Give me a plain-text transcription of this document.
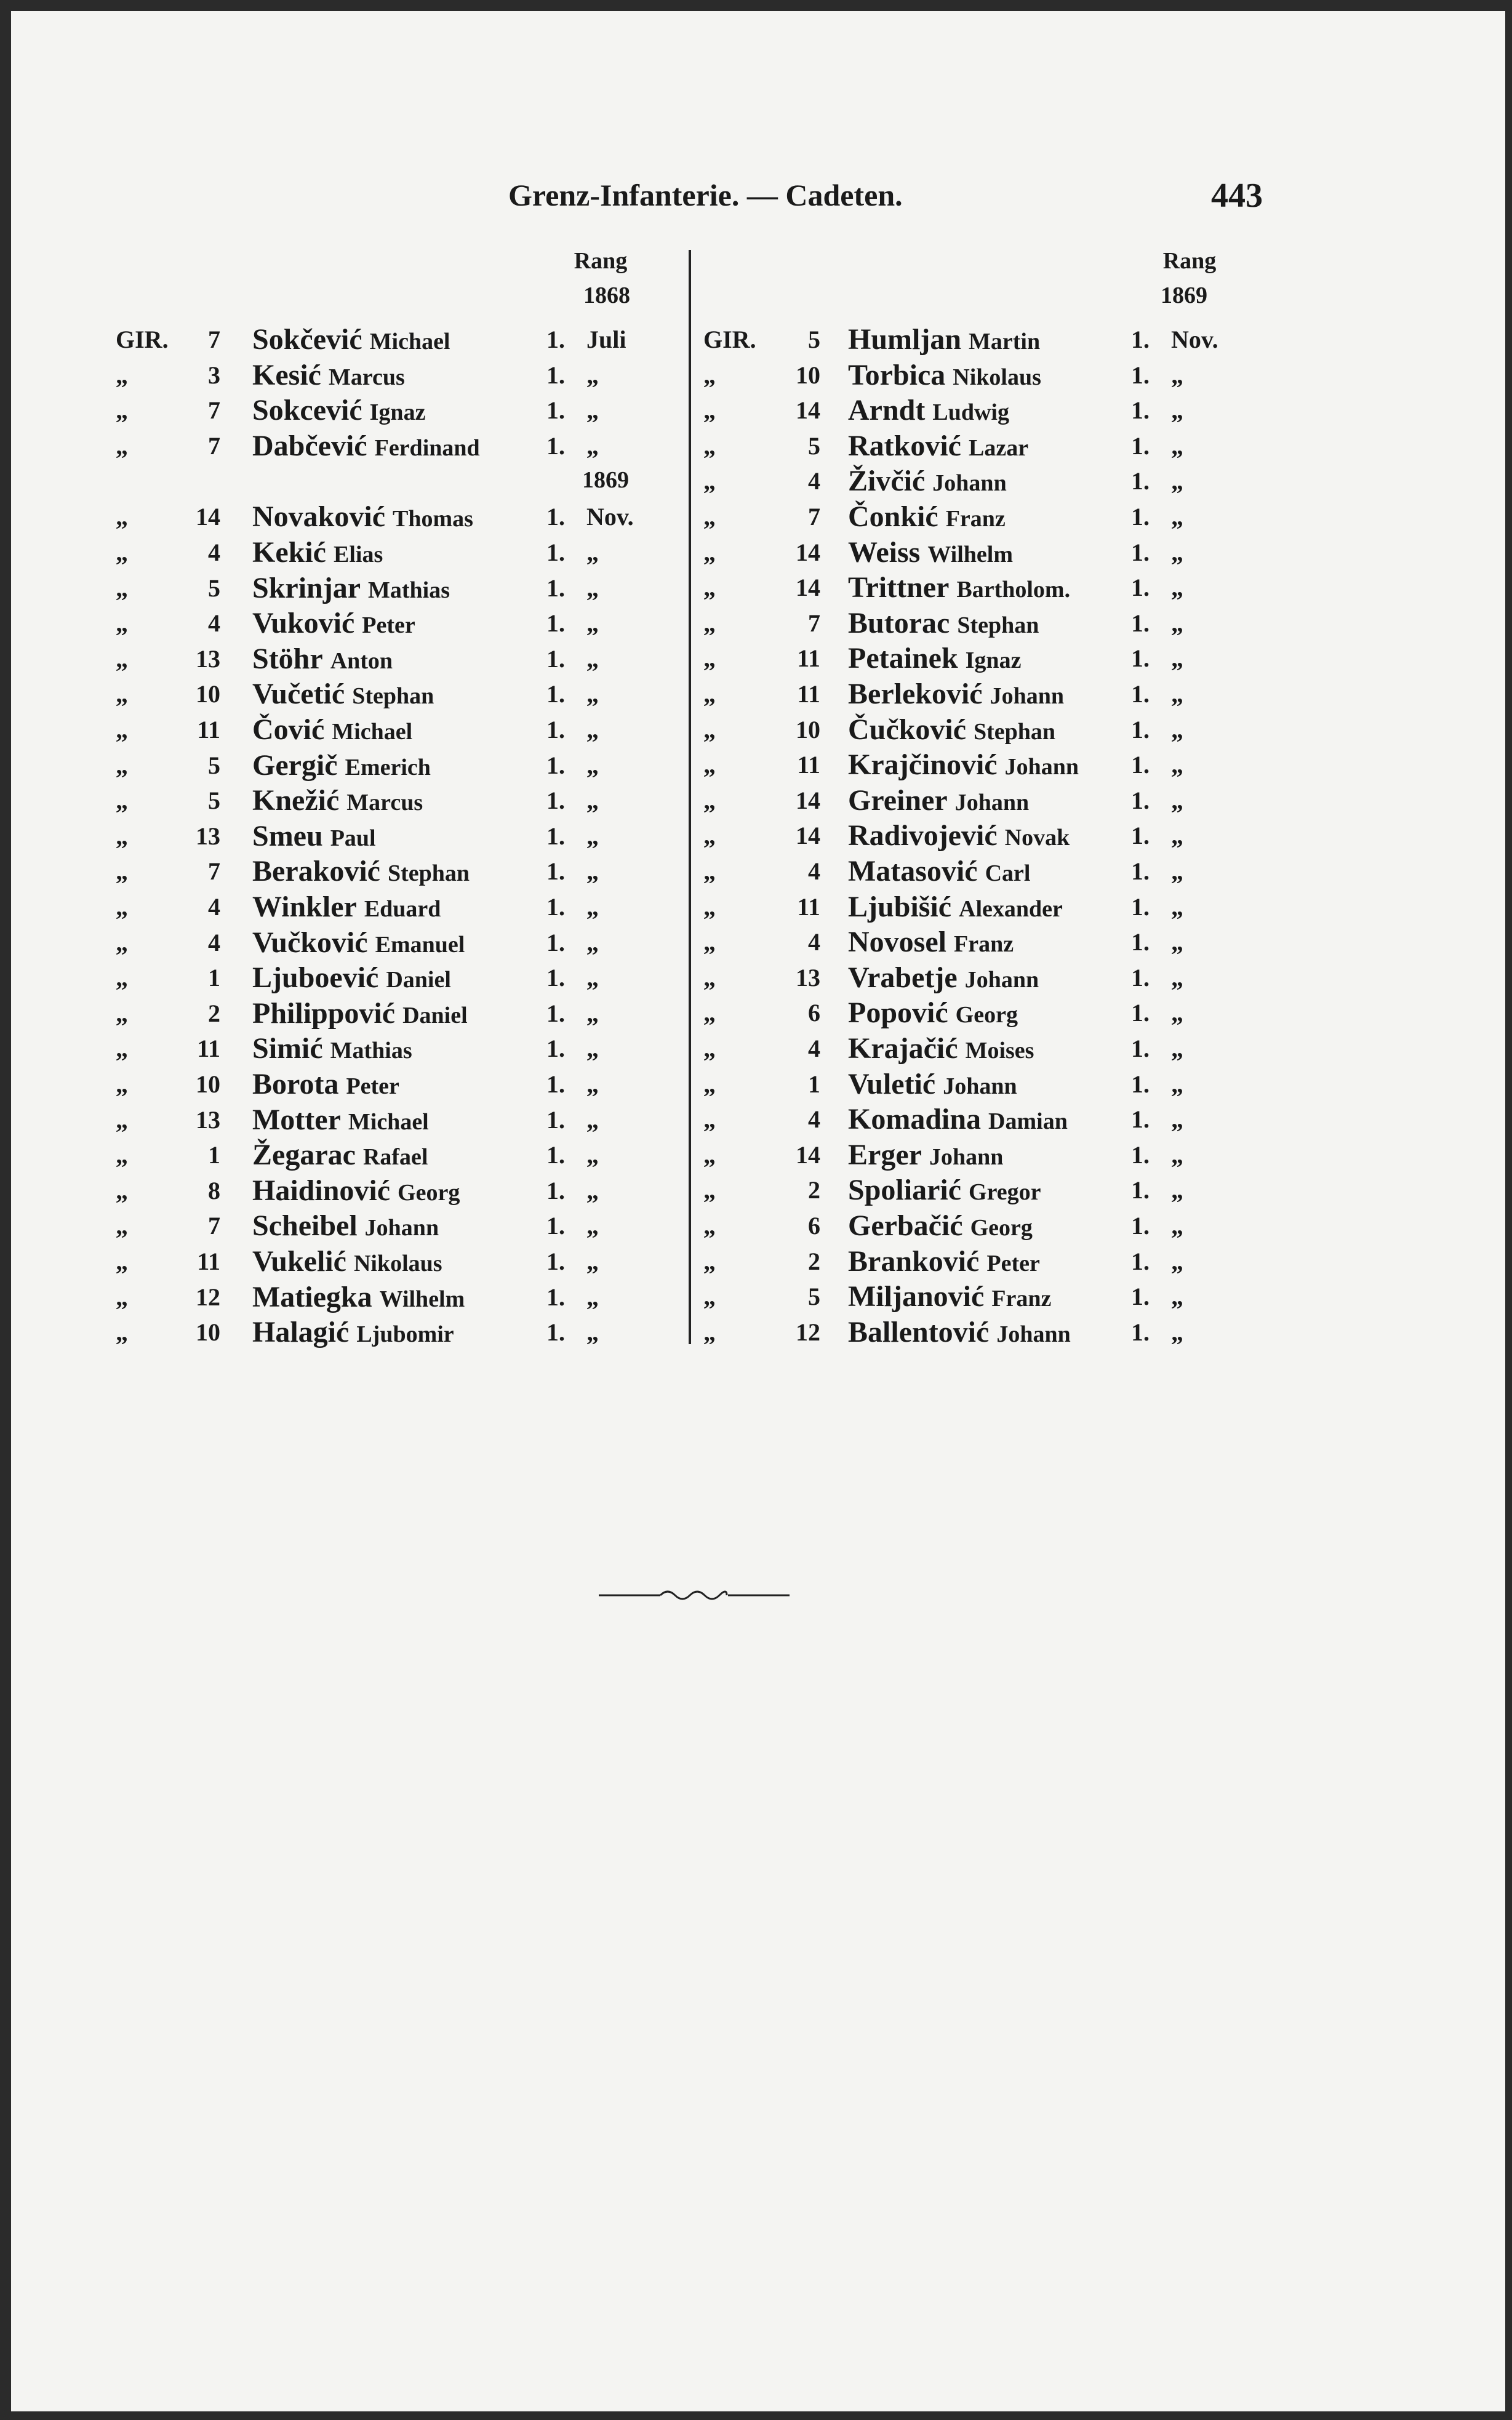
Grenz-Infanterie. — Cadeten.	443
Rang
1868
1869
Rang
1869
GIR.	7 Sokčević Michael	1. Juli
„	3 Kesić Marcus	1. „
„	7 Sokcević Ignaz	1. „
„	7 Dabčević Ferdinand	1. „
„	14 Novaković Thomas	1. Nov.
„	4 Kekić Elias	1. „
„	5 Skrinjar Mathias	1. „
„	4 Vuković Peter	1. „
„	13 Stöhr Anton	1. „
„	10 Vučetić Stephan	1. „
„	11 Čović Michael	1. „
„	5 Gergič Emerich	1. „
„	5 Knežić Marcus	1. „
„	13 Smeu Paul	1. „
„	7 Beraković Stephan	1. „
„	4 Winkler Eduard	1. „
„	4 Vučković Emanuel	1. „
„	1 Ljuboević Daniel	1. „
„	2 Philippović Daniel	1. „
„	11 Simić Mathias	1. „
„	10 Borota Peter	1. „
„	13 Motter Michael	1. „
„	1 Žegarac Rafael	1. „
„	8 Haidinović Georg	1. „
„	7 Scheibel Johann	1. „
„	11 Vukelić Nikolaus	1. „
„	12 Matiegka Wilhelm	1. „
„	10 Halagić Ljubomir	1. „
GIR.	5 Humljan Martin	1. Nov.
„	10 Torbica Nikolaus	1. „
„	14 Arndt Ludwig	1. „
„	5 Ratković Lazar	1. „
„	4 Živčić Johann	1. „
„	7 Čonkić Franz	1. „
„	14 Weiss Wilhelm	1. „
„	14 Trittner Bartholom. 1. „
„	7 Butorac Stephan	1. „
„	11 Petainek Ignaz	1. „
„	11 Berleković Johann	1. „
„	10 Čučković Stephan	1. „
„	11 Krajčinović Johann 1. „
„	14 Greiner Johann	1. „
„	14 Radivojević Novak 1. „
„	4 Matasović Carl	1. „
„	11 Ljubišić Alexander	1. „
„	4 Novosel Franz	1. „
„	13 Vrabetje Johann	1. „
„	6 Popović Georg	1. „
„	4 Krajačić Moises	1. „
„	1 Vuletić Johann	1. „
„	4 Komadina Damian	1. „
„	14 Erger Johann	1. „
„	2 Spoliarić Gregor	1. „
„	6 Gerbačić Georg	1. „
„	2 Branković Peter	1. „
„	5 Miljanović Franz	1. „
„	12 Ballentović Johann 1. „
